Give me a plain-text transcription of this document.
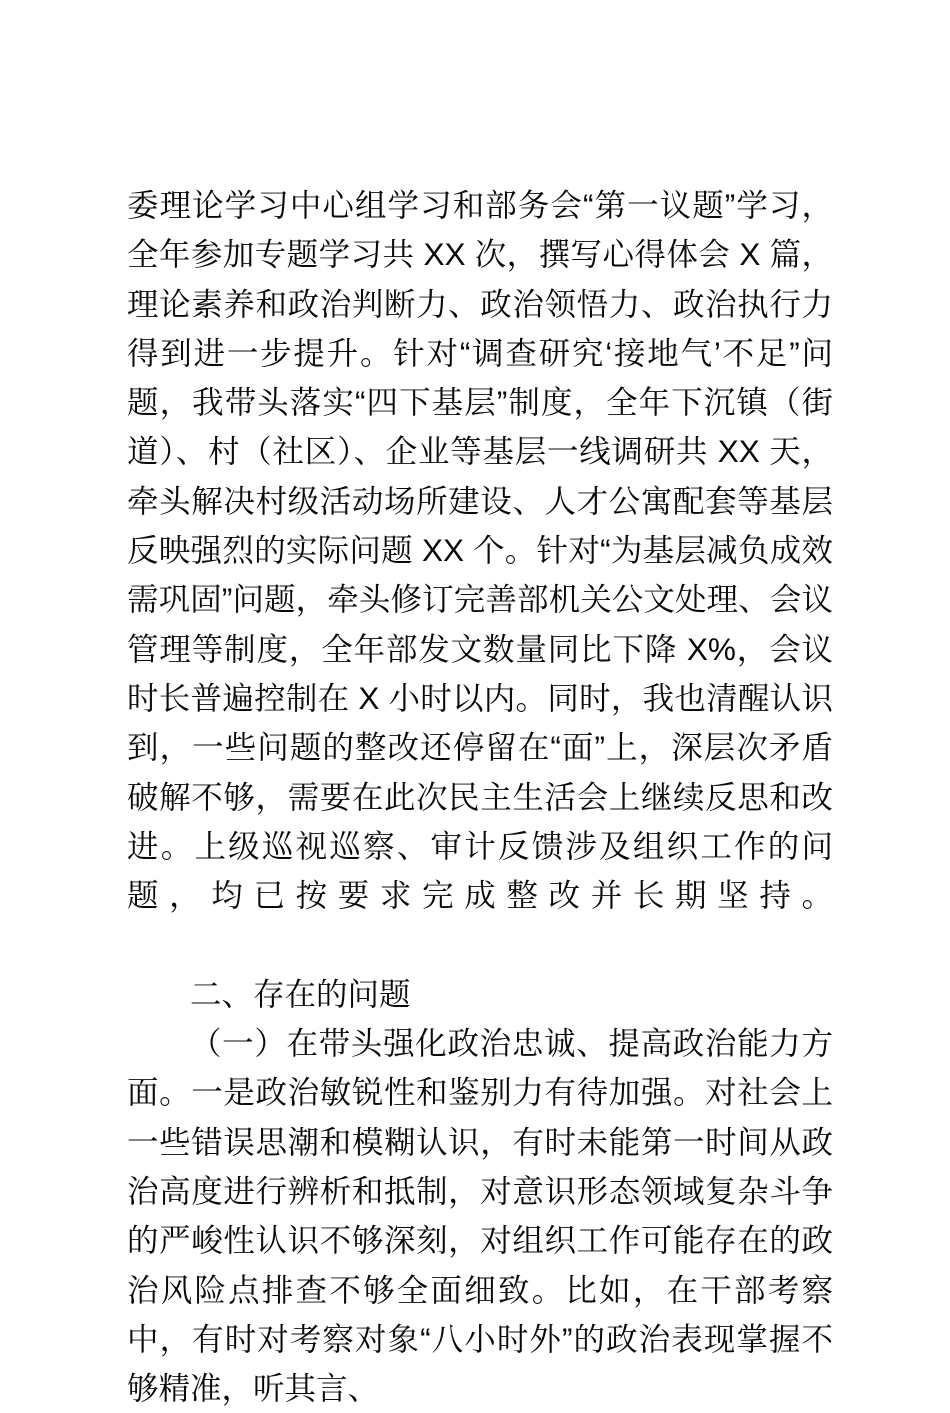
委理论学习中心组学习和部务会“第一议题”学习，全年参加专题学习共 XX 次，撰写心得体会 X 篇，理论素养和政治判断力、政治领悟力、政治执行力得到进一步提升。针对“调查研究‘接地气’不足”问题，我带头落实“四下基层”制度，全年下沉镇（街道）、村（社区）、企业等基层一线调研共 XX 天，牵头解决村级活动场所建设、人才公寓配套等基层反映强烈的实际问题 XX 个。针对“为基层减负成效需巩固”问题，牵头修订完善部机关公文处理、会议管理等制度，全年部发文数量同比下降 X%，会议时长普遍控制在 X 小时以内。同时，我也清醒认识到，一些问题的整改还停留在“面”上，深层次矛盾破解不够，需要在此次民主生活会上继续反思和改进。上级巡视巡察、审计反馈涉及组织工作的问题，均已按要求完成整改并长期坚持。

二、存在的问题

（一）在带头强化政治忠诚、提高政治能力方面。一是政治敏锐性和鉴别力有待加强。对社会上一些错误思潮和模糊认识，有时未能第一时间从政治高度进行辨析和抵制，对意识形态领域复杂斗争的严峻性认识不够深刻，对组织工作可能存在的政治风险点排查不够全面细致。比如，在干部考察中，有时对考察对象“八小时外”的政治表现掌握不够精准，听其言、
